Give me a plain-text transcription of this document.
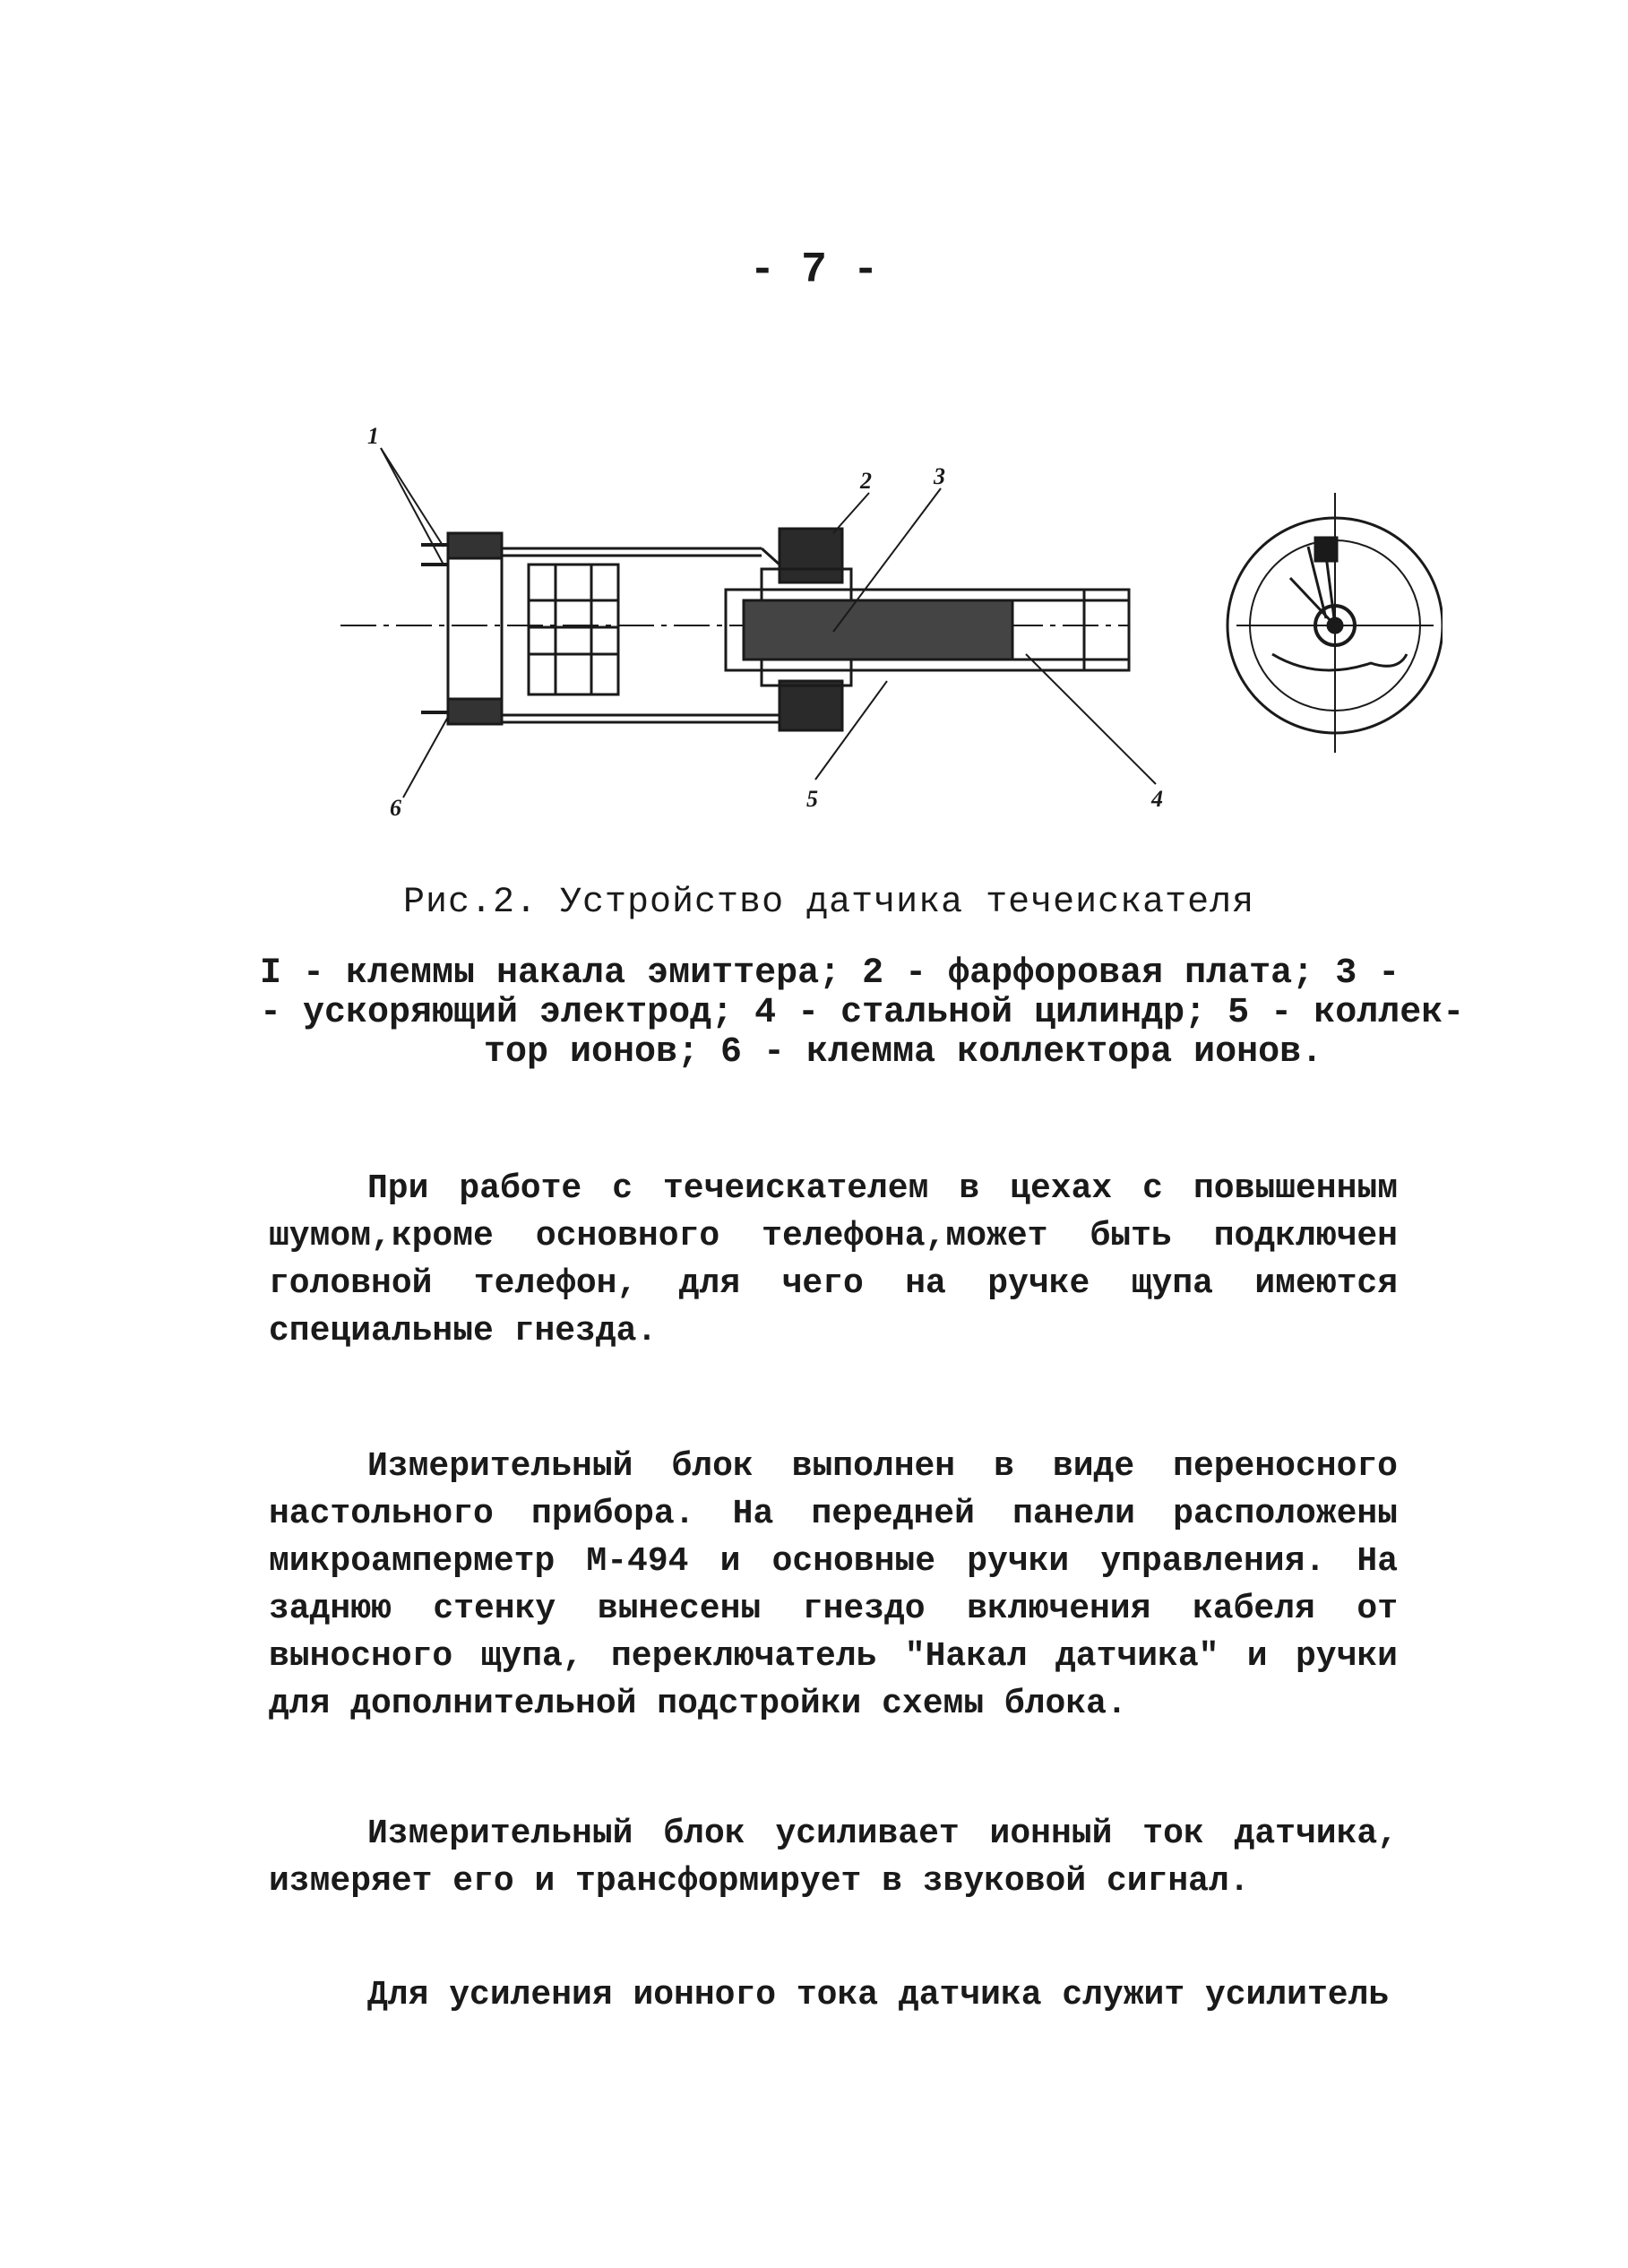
- 7 -
1
2	3
5	4
6
Рис.2. Устройство датчика течеискателя
I - клеммы накала эмиттера; 2 - фарфоровая плата; 3 -
- ускоряющий электрод; 4 - стальной цилиндр; 5 - коллек-
тор ионов; 6 - клемма коллектора ионов.
При работе с течеискателем в цехах с повышенным шумом,кроме основного телефона,может быть подключен головной телефон, для чего на ручке щупа имеются специальные гнезда.
Измерительный блок выполнен в виде переносного настольного прибора. На передней панели расположены микроамперметр М-494 и основные ручки управления. На заднюю стенку вынесены гнездо включения кабеля от выносного щупа, переключатель "Накал датчика" и ручки для дополнительной подстройки схемы блока.
Измерительный блок усиливает ионный ток датчика, измеряет его и трансформирует в звуковой сигнал.
Для усиления ионного тока датчика служит усилитель
